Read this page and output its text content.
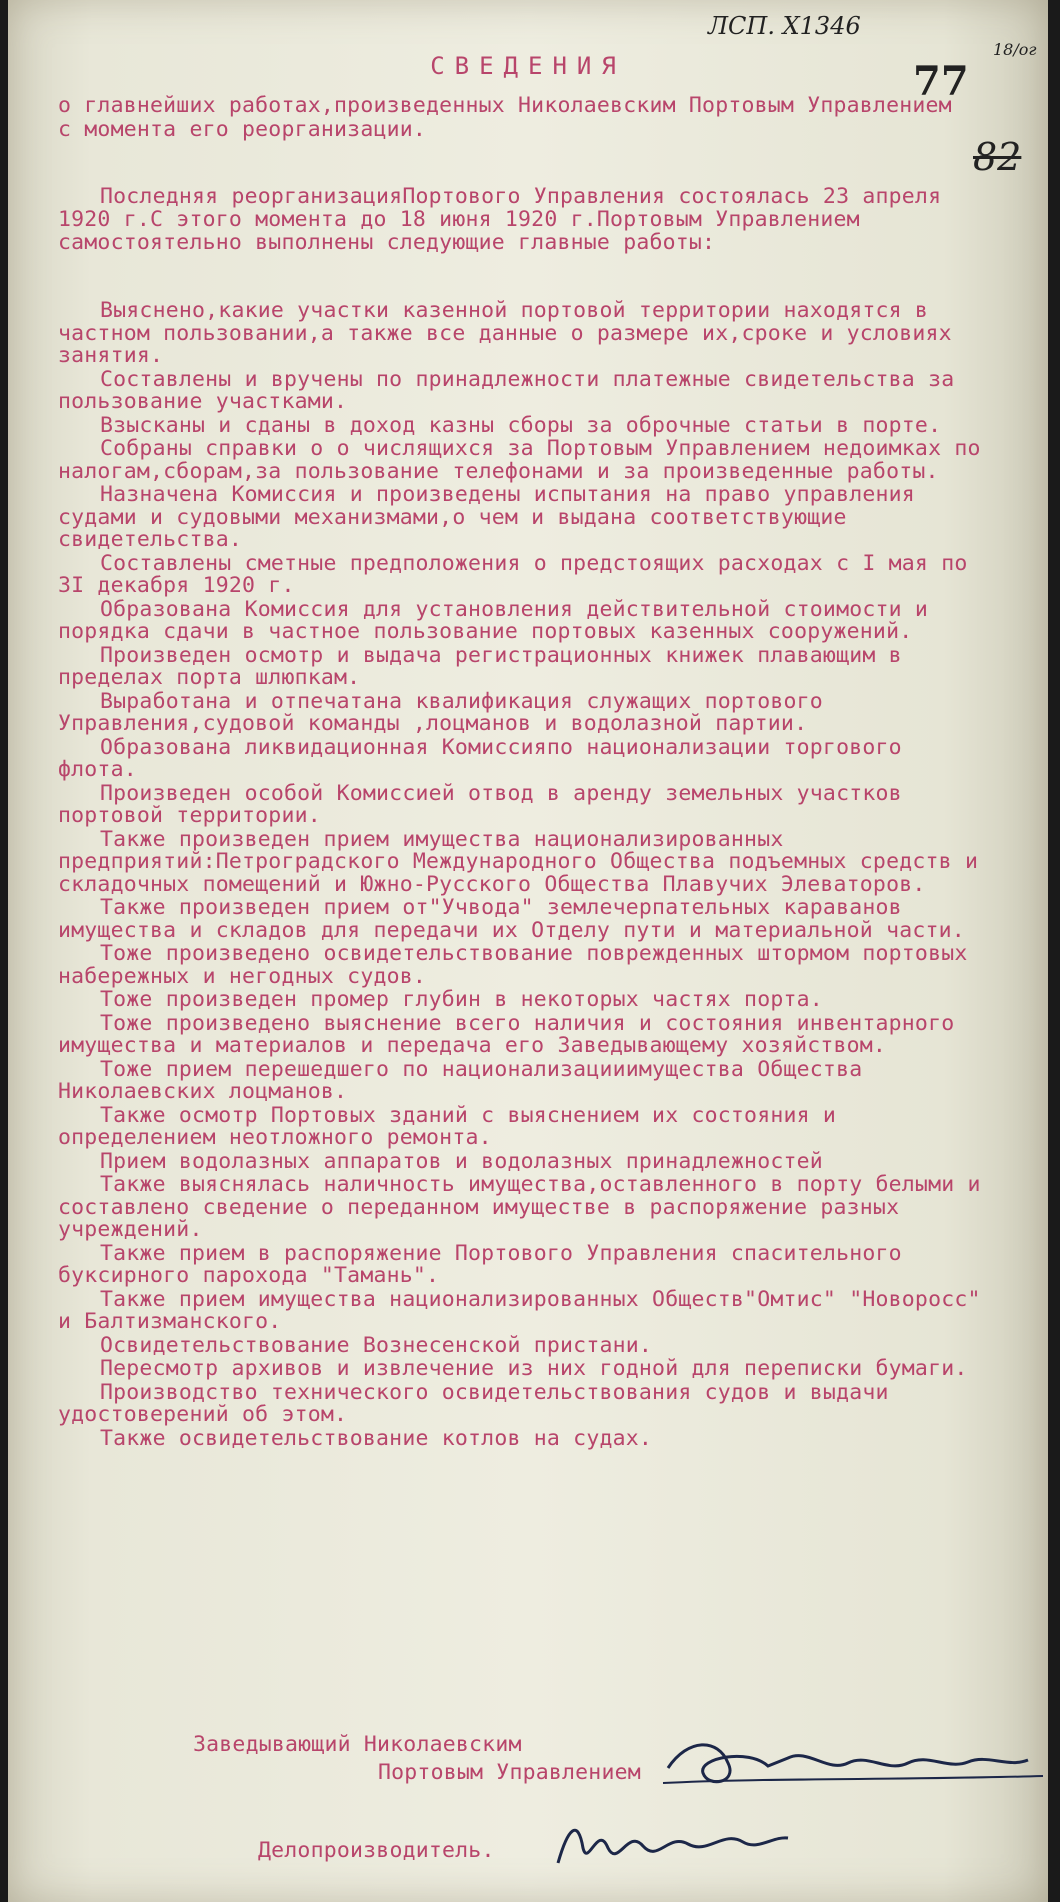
ЛСП. Х1346
18/ог
77
82
СВЕДЕНИЯ
о главнейших работах,произведенных Николаевским Портовым Управлением с момента его реорганизации.
Последняя реорганизацияПортового Управления состоялась 23 апреля 1920 г.С этого момента до 18 июня 1920 г.Портовым Управлением самостоятельно выполнены следующие главные работы:
Выяснено,какие участки казенной портовой территории находятся в частном пользовании,а также все данные о размере их,сроке и условиях занятия.
Составлены и вручены по принадлежности платежные свидетельства за пользование участками.
Взысканы и сданы в доход казны сборы за оброчные статьи в порте.
Собраны справки о о числящихся за Портовым Управлением недоимках по налогам,сборам,за пользование телефонами и за произведенные работы.
Назначена Комиссия и произведены испытания на право управления судами и судовыми механизмами,о чем и выдана соответствующие свидетельства.
Составлены сметные предположения о предстоящих расходах с I мая по 3I декабря 1920 г.
Образована Комиссия для установления действительной стоимости и порядка сдачи в частное пользование портовых казенных сооружений.
Произведен осмотр и выдача регистрационных книжек плавающим в пределах порта шлюпкам.
Выработана и отпечатана квалификация служащих портового Управления,судовой команды ,лоцманов и водолазной партии.
Образована ликвидационная Комиссияпо национализации торгового флота.
Произведен особой Комиссией отвод в аренду земельных участков портовой территории.
Также произведен прием имущества национализированных предприятий:Петроградского Международного Общества подъемных средств и складочных помещений и Южно-Русского Общества Плавучих Элеваторов.
Также произведен прием от"Учвода" землечерпательных караванов имущества и складов для передачи их Отделу пути и материальной части.
Тоже произведено освидетельствование поврежденных штормом портовых набережных и негодных судов.
Тоже произведен промер глубин в некоторых частях порта.
Тоже произведено выяснение всего наличия и состояния инвентарного имущества и материалов и передача его Заведывающему хозяйством.
Тоже прием перешедшего по национализацииимущества Общества Николаевских лоцманов.
Также осмотр Портовых зданий с выяснением их состояния и определением неотложного ремонта.
Прием водолазных аппаратов и водолазных принадлежностей
Также выяснялась наличность имущества,оставленного в порту белыми и составлено сведение о переданном имуществе в распоряжение разных учреждений.
Также прием в распоряжение Портового Управления спасительного буксирного парохода "Тамань".
Также прием имущества национализированных Обществ"Омтис" "Новоросс" и Балтизманского.
Освидетельствование Вознесенской пристани.
Пересмотр архивов и извлечение из них годной для переписки бумаги.
Производство технического освидетельствования судов и выдачи удостоверений об этом.
Также освидетельствование котлов на судах.
Заведывающий Николаевским
Портовым Управлением
Делопроизводитель.
